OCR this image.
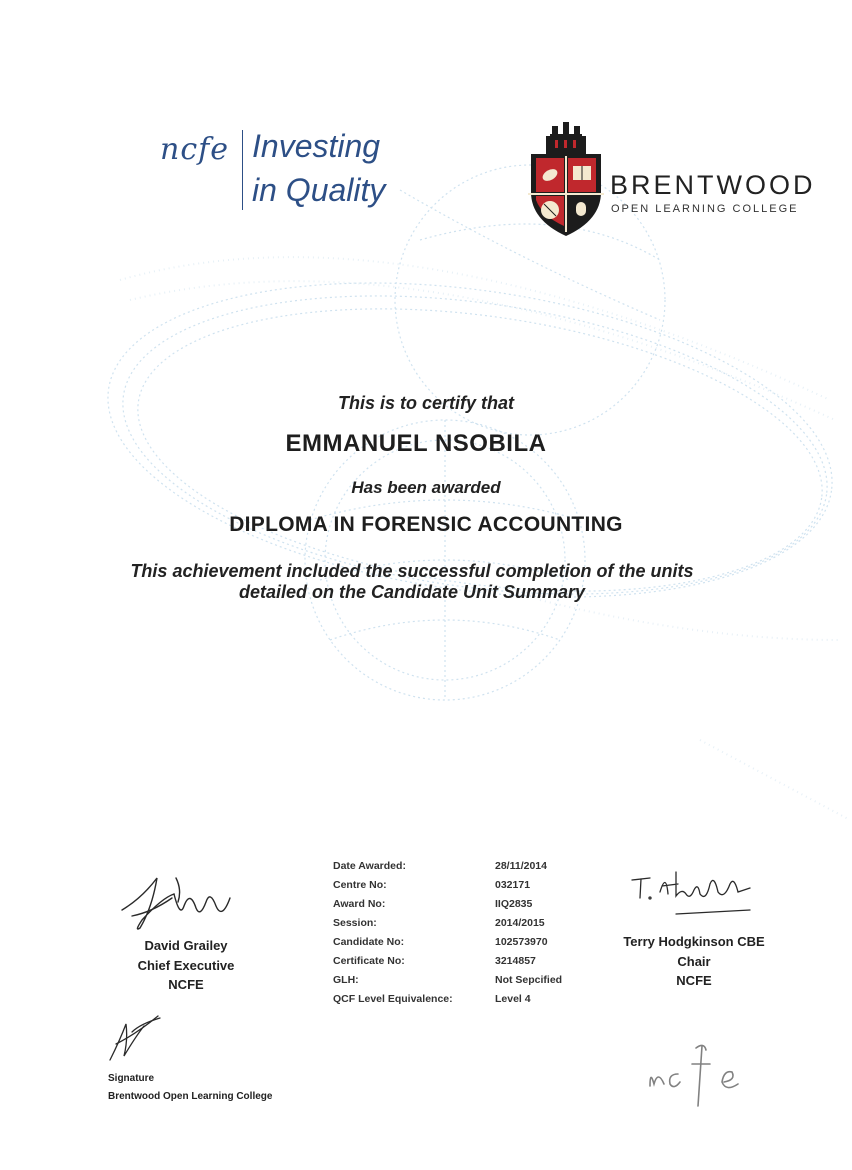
ncfe Investing
in Quality	BRENTWOOD
OPEN LEARNING COLLEGE
This is to certify that
EMMANUEL NSOBILA
Has been awarded
DIPLOMA IN FORENSIC ACCOUNTING
This achievement included the successful completion of the units
detailed on the Candidate Unit Summary
Date Awarded:	28/11/2014
Centre No:	032171
Award No:	IIQ2835
Session:	2014/2015
Candidate No:	102573970
Certificate No:	3214857
GLH:	Not Sepcified
QCF Level Equivalence:	Level 4
David Grailey
Chief Executive
NCFE
Terry Hodgkinson CBE
Chair
NCFE
Signature
Brentwood Open Learning College
